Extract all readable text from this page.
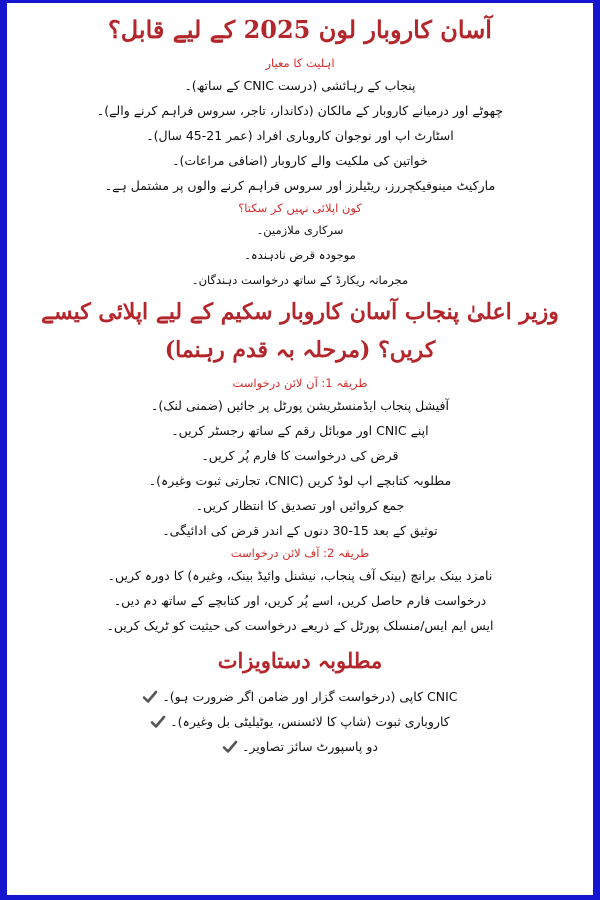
آسان کاروبار لون 2025 کے لیے قابل؟
اہلیت کا معیار
پنجاب کے رہائشی (درست CNIC کے ساتھ)۔
چھوٹے اور درمیانے کاروبار کے مالکان (دکاندار، تاجر، سروس فراہم کرنے والے)۔
اسٹارٹ اپ اور نوجوان کاروباری افراد (عمر 21-45 سال)۔
خواتین کی ملکیت والے کاروبار (اضافی مراعات)۔
مارکیٹ مینوفیکچررز، ریٹیلرز اور سروس فراہم کرنے والوں پر مشتمل ہے۔
کون اپلائی نہیں کر سکتا؟
سرکاری ملازمین۔
موجودہ قرض نادہندہ۔
مجرمانہ ریکارڈ کے ساتھ درخواست دہندگان۔
وزیر اعلیٰ پنجاب آسان کاروبار سکیم کے لیے اپلائی کیسے کریں؟ (مرحلہ بہ قدم رہنما)
طریقہ 1: آن لائن درخواست
آفیشل پنجاب ایڈمنسٹریشن پورٹل پر جائیں (ضمنی لنک)۔
اپنے CNIC اور موبائل رقم کے ساتھ رجسٹر کریں۔
قرض کی درخواست کا فارم پُر کریں۔
مطلوبہ کتابچے اپ لوڈ کریں (CNIC، تجارتی ثبوت وغیرہ)۔
جمع کروائیں اور تصدیق کا انتظار کریں۔
توثیق کے بعد 15-30 دنوں کے اندر قرض کی ادائیگی۔
طریقہ 2: آف لائن درخواست
نامزد بینک برانچ (بینک آف پنجاب، نیشنل وائیڈ بینک، وغیرہ) کا دورہ کریں۔
درخواست فارم حاصل کریں، اسے پُر کریں، اور کتابچے کے ساتھ دم دیں۔
ایس ایم ایس/منسلک پورٹل کے ذریعے درخواست کی حیثیت کو ٹریک کریں۔
مطلوبہ دستاویزات
CNIC کاپی (درخواست گزار اور ضامن اگر ضرورت ہو)۔
کاروباری ثبوت (شاپ کا لائسنس، یوٹیلیٹی بل وغیرہ)۔
دو پاسپورٹ سائز تصاویر۔
